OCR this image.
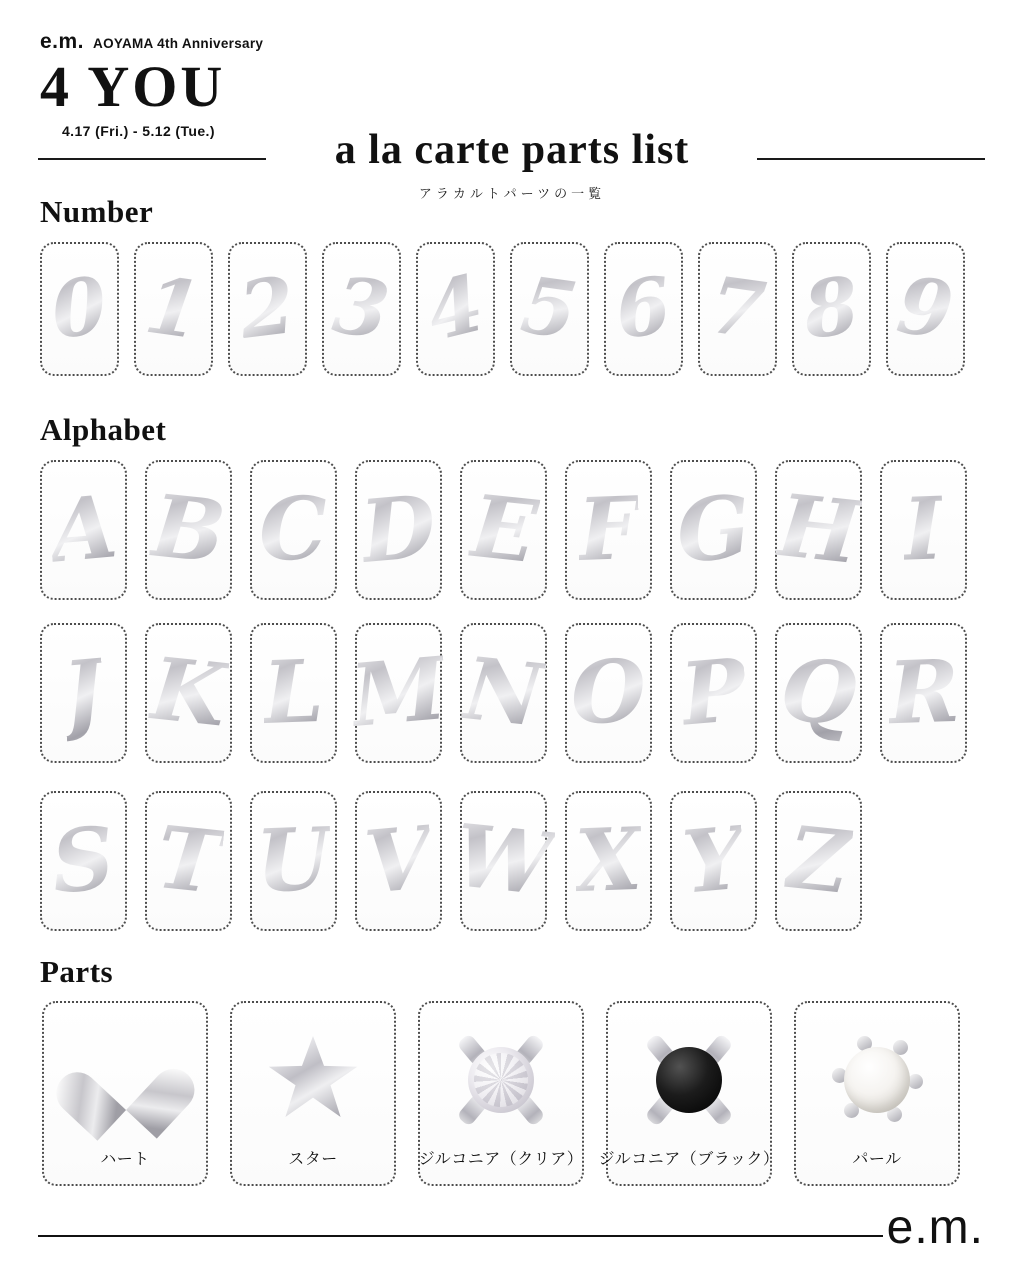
e.m. AOYAMA 4th Anniversary
4 YOU
4.17 (Fri.) - 5.12 (Tue.)	a la carte parts list
アラカルトパーツの一覧
Number
0 1 2 3 4 5 6 7 8 9
Alphabet
A B C D E F G H I
J K L M N O P Q R
S T U V W X Y Z
Parts
ハート	スター	ジルコニア（クリア） ジルコニア（ブラック）	パール
e.m.
